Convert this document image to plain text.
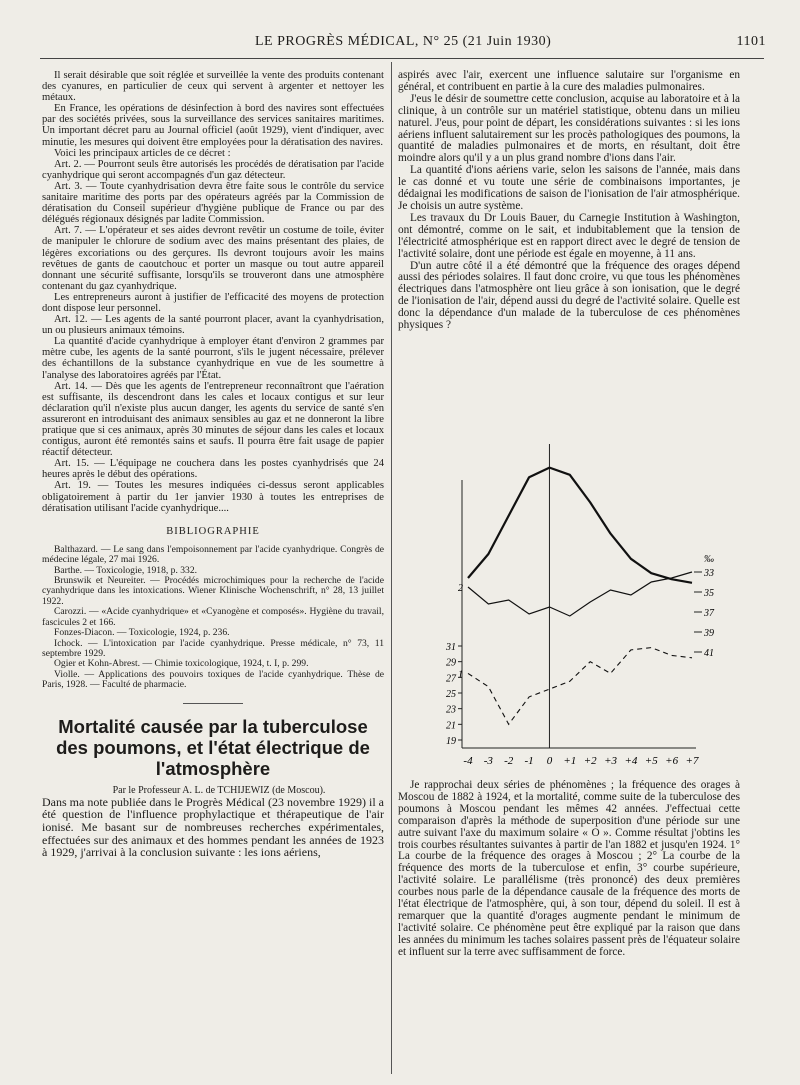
LE PROGRÈS MÉDICAL, N° 25 (21 Juin 1930)	1101

Il serait désirable que soit réglée et surveillée la vente des produits contenant des cyanures, en particulier de ceux qui servent à argenter et nettoyer les métaux.

En France, les opérations de désinfection à bord des navires sont effectuées par des sociétés privées, sous la surveillance des services sanitaires maritimes. Un important décret paru au Journal officiel (août 1929), vient d'indiquer, avec minutie, les mesures qui doivent être employées pour la dératisation des navires.

Voici les principaux articles de ce décret :

Art. 2. — Pourront seuls être autorisés les procédés de dératisation par l'acide cyanhydrique qui seront accompagnés d'un gaz détecteur.

Art. 3. — Toute cyanhydrisation devra être faite sous le contrôle du service sanitaire maritime des ports par des opérateurs agréés par la Commission de dératisation du Conseil supérieur d'hygiène publique de France ou par des délégués régionaux désignés par ladite Commission.

Art. 7. — L'opérateur et ses aides devront revêtir un costume de toile, éviter de manipuler le chlorure de sodium avec des mains présentant des plaies, de légères excoriations ou des gerçures. Ils devront toujours avoir les mains revêtues de gants de caoutchouc et porter un masque ou tout autre appareil donnant une sécurité suffisante, lorsqu'ils se trouveront dans une atmosphère contenant du gaz cyanhydrique.

Les entrepreneurs auront à justifier de l'efficacité des moyens de protection dont dispose leur personnel.

Art. 12. — Les agents de la santé pourront placer, avant la cyanhydrisation, un ou plusieurs animaux témoins.

La quantité d'acide cyanhydrique à employer étant d'environ 2 grammes par mètre cube, les agents de la santé pourront, s'ils le jugent nécessaire, prélever des échantillons de la substance cyanhydrique en vue de les soumettre à l'analyse des laboratoires agréés par l'État.

Art. 14. — Dès que les agents de l'entrepreneur reconnaîtront que l'aération est suffisante, ils descendront dans les cales et locaux contigus et sur leur déclaration qu'il n'existe plus aucun danger, les agents du service de santé s'en assureront en introduisant des animaux sensibles au gaz et ne donneront la libre pratique que si ces animaux, après 30 minutes de séjour dans les cales et locaux contigus, auront été remontés sains et saufs. Il pourra être fait usage de papier réactif détecteur.

Art. 15. — L'équipage ne couchera dans les postes cyanhydrisés que 24 heures après le début des opérations.

Art. 19. — Toutes les mesures indiquées ci-dessus seront applicables obligatoirement à partir du 1er janvier 1930 à toutes les entreprises de dératisation utilisant l'acide cyanhydrique....

BIBLIOGRAPHIE

Balthazard. — Le sang dans l'empoisonnement par l'acide cyanhydrique. Congrès de médecine légale, 27 mai 1926.

Barthe. — Toxicologie, 1918, p. 332.

Brunswik et Neureiter. — Procédés microchimiques pour la recherche de l'acide cyanhydrique dans les intoxications. Wiener Klinische Wochenschrift, n° 28, 13 juillet 1922.

Carozzi. — «Acide cyanhydrique» et «Cyanogène et composés». Hygiène du travail, fascicules 2 et 166.

Fonzes-Diacon. — Toxicologie, 1924, p. 236.

Ichock. — L'intoxication par l'acide cyanhydrique. Presse médicale, n° 73, 11 septembre 1929.

Ogier et Kohn-Abrest. — Chimie toxicologique, 1924, t. I, p. 299.

Violle. — Applications des pouvoirs toxiques de l'acide cyanhydrique. Thèse de Paris, 1928. — Faculté de pharmacie.

Mortalité causée par la tuberculose des poumons, et l'état électrique de l'atmosphère

Par le Professeur A. L. de TCHIJEWIZ (de Moscou).

Dans ma note publiée dans le Progrès Médical (23 novembre 1929) il a été question de l'influence prophylactique et thérapeutique de l'air ionisé. Me basant sur de nombreuses recherches expérimentales, effectuées sur des animaux et des hommes pendant les années de 1923 à 1929, j'arrivai à la conclusion suivante : les ions aériens,

aspirés avec l'air, exercent une influence salutaire sur l'organisme en général, et contribuent en partie à la cure des maladies pulmonaires.

J'eus le désir de soumettre cette conclusion, acquise au laboratoire et à la clinique, à un contrôle sur un matériel statistique, obtenu dans un milieu naturel. J'eus, pour point de départ, les considérations suivantes : si les ions aériens influent salutairement sur les procès pathologiques des poumons, la quantité de maladies pulmonaires et de morts, en résultant, doit être moindre alors qu'il y a un plus grand nombre d'ions dans l'air.

La quantité d'ions aériens varie, selon les saisons de l'année, mais dans le cas donné et vu toute une série de combinaisons importantes, je dédaignai les modifications de saison de l'ionisation de l'air atmosphérique. Je choisis un autre système.

Les travaux du Dr Louis Bauer, du Carnegie Institution à Washington, ont démontré, comme on le sait, et indubitablement que la tension de l'électricité atmosphérique est en rapport direct avec le degré de tension de l'activité solaire, dont une période est égale en moyenne, à 11 ans.

D'un autre côté il a été démontré que la fréquence des orages dépend aussi des périodes solaires. Il faut donc croire, vu que tous les phénomènes électriques dans l'atmosphère ont lieu grâce à son ionisation, que le degré de l'ionisation de l'air, dépend aussi du degré de l'activité solaire. Quelle est donc la dépendance d'un malade de la tuberculose de ces phénomènes physiques ?

-4 -3 -2 -1 0 +1 +2 +3 +4 +5 +6 +7
31
29
27
25
23
21
19
‰
33
35
37
39
41
2
1

Je rapprochai deux séries de phénomènes ; la fréquence des orages à Moscou de 1882 à 1924, et la mortalité, comme suite de la tuberculose des poumons à Moscou pendant les mêmes 42 années. J'effectuai cette comparaison d'après la méthode de superposition d'une période sur une autre suivant l'axe du maximum solaire « O ». Comme résultat j'obtins les trois courbes résultantes suivantes à partir de l'an 1882 et jusqu'en 1924. 1° La courbe de la fréquence des orages à Moscou ; 2° La courbe de la fréquence des morts de la tuberculose et enfin, 3° courbe supérieure, l'activité solaire. Le parallélisme (très prononcé) des deux premières courbes nous parle de la dépendance causale de la fréquence des morts de l'état électrique de l'atmosphère, qui, à son tour, dépend du soleil. Il est à remarquer que la quantité d'orages augmente pendant le minimum de l'activité solaire. Ce phénomène peut être expliqué par la raison que dans les années du minimum les taches solaires passent près de l'équateur solaire et influent sur la terre avec suffisamment de force.
